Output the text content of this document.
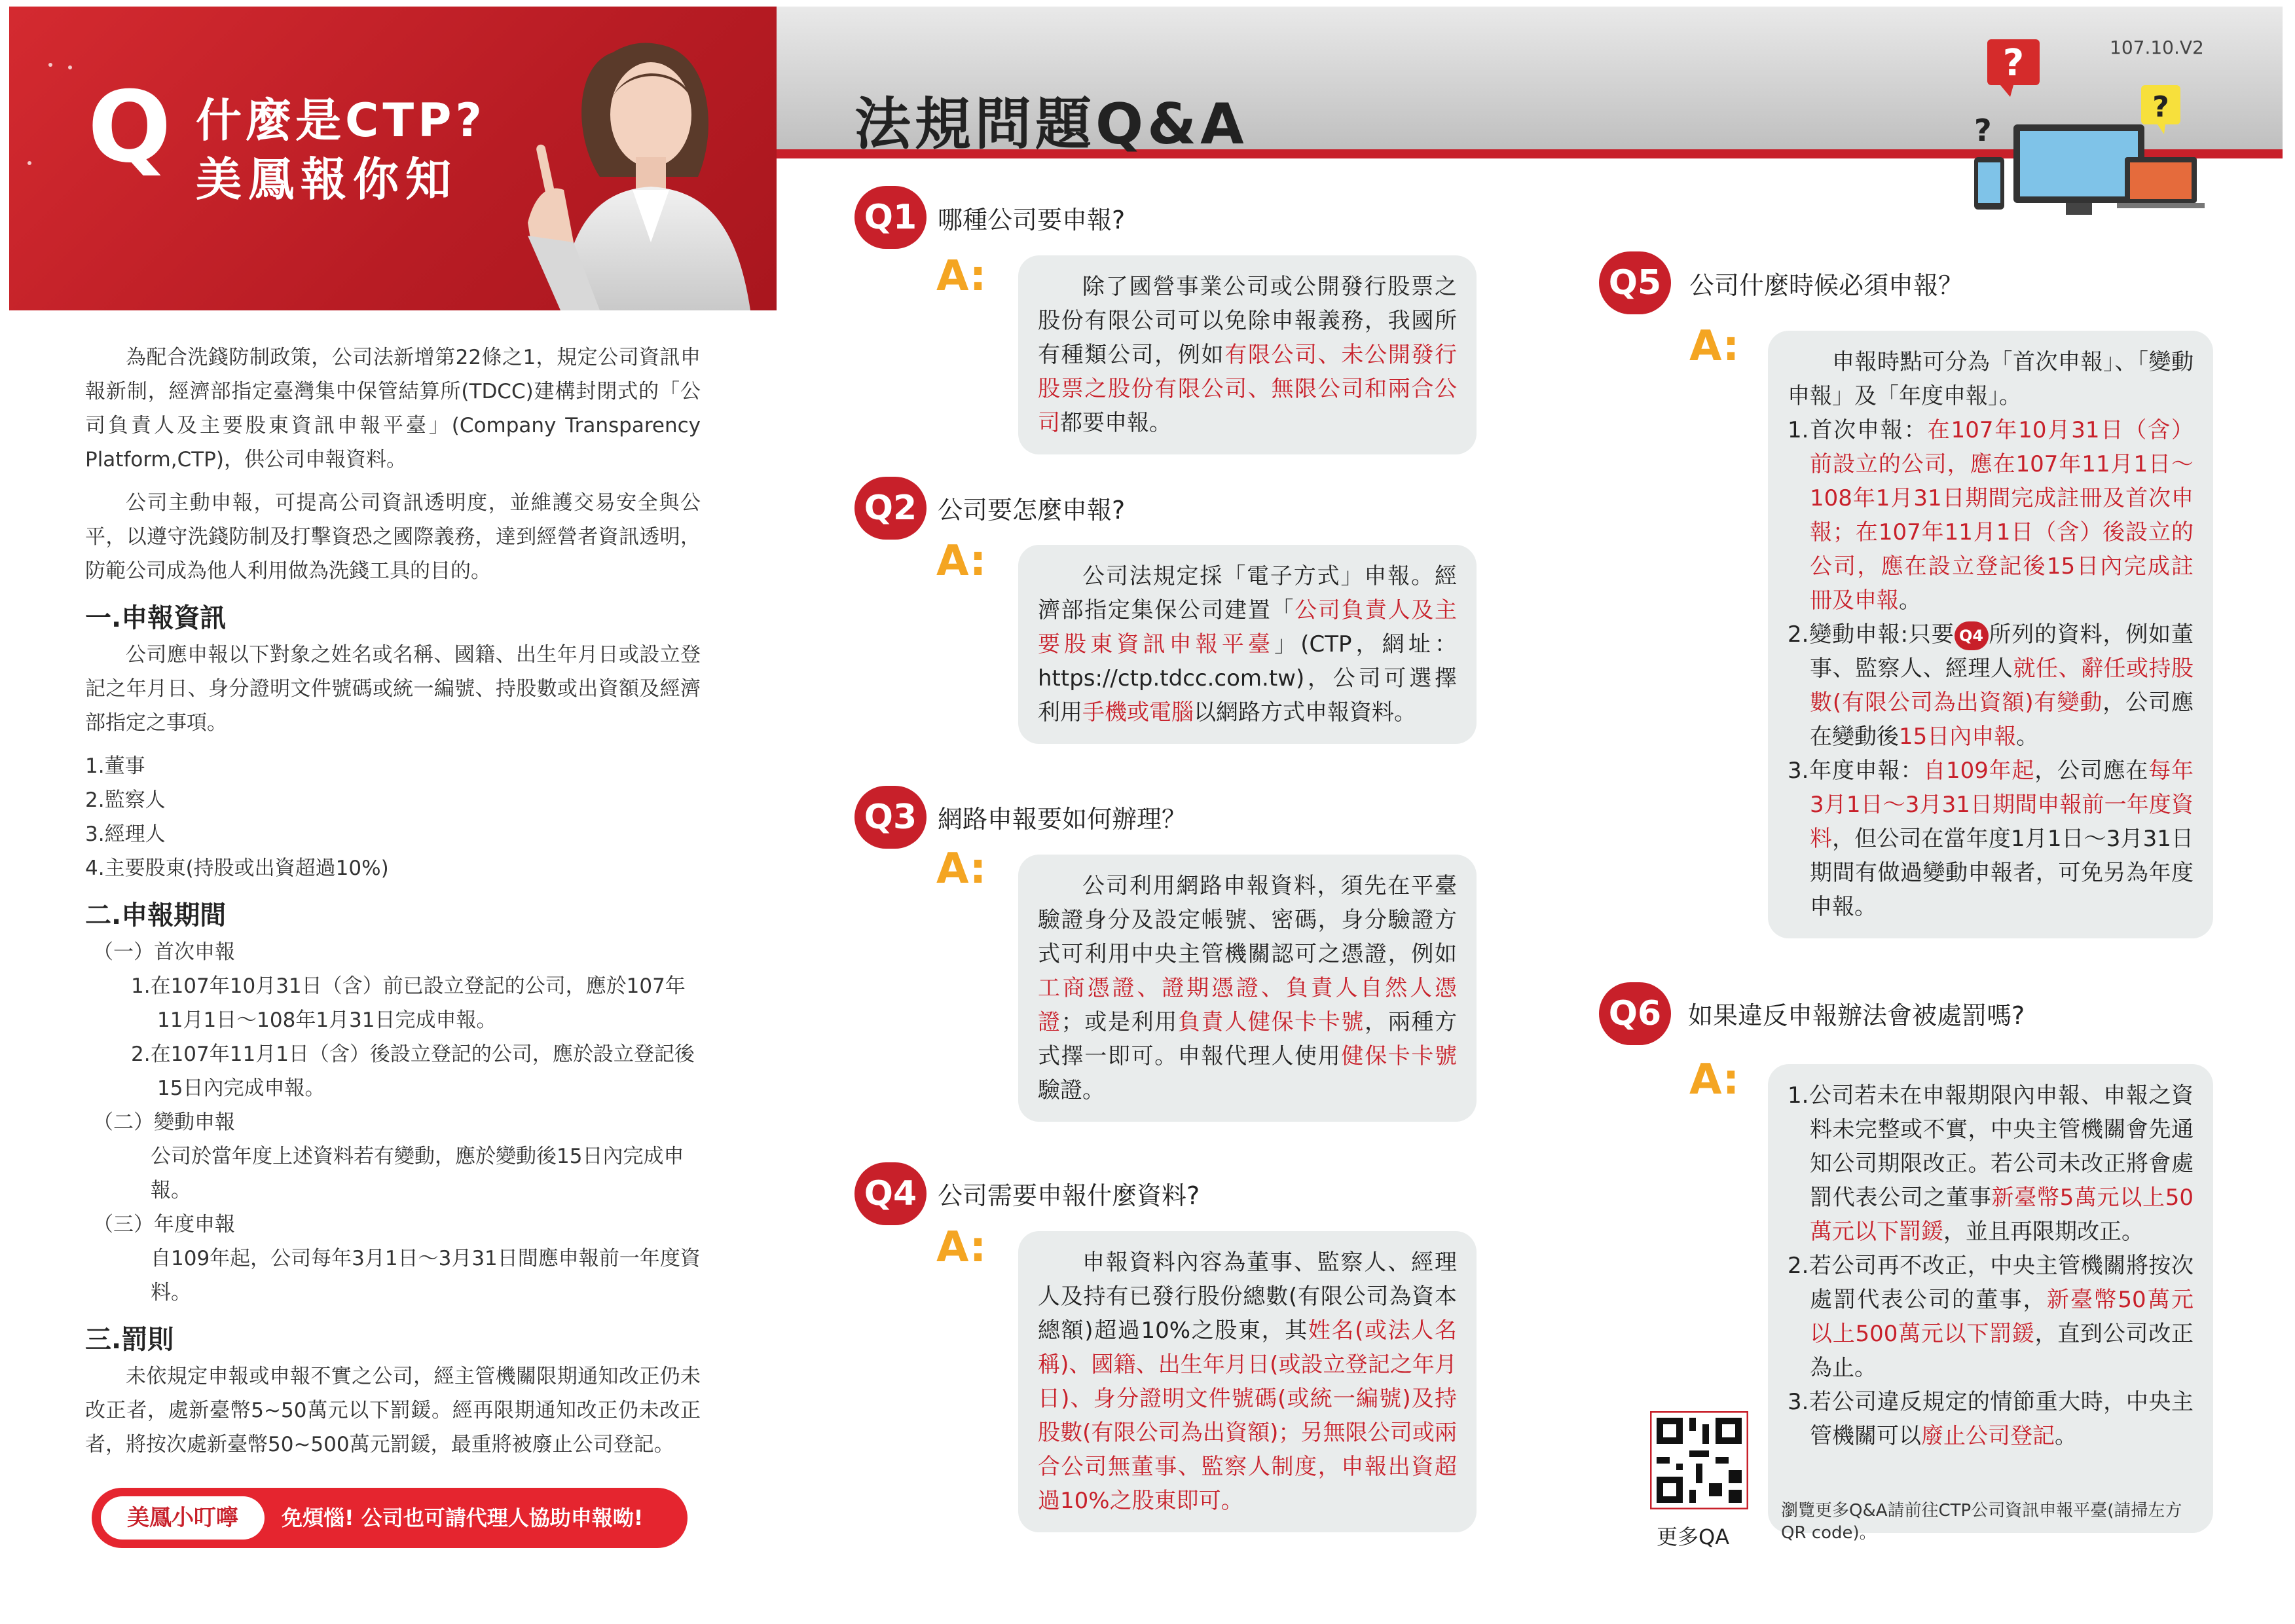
Q 什麼是CTP?
美鳳報你知

為配合洗錢防制政策，公司法新增第22條之1，規定公司資訊申報新制，經濟部指定臺灣集中保管結算所(TDCC)建構封閉式的「公司負責人及主要股東資訊申報平臺」(Company Transparency Platform,CTP)，供公司申報資料。

公司主動申報，可提高公司資訊透明度，並維護交易安全與公平，以遵守洗錢防制及打擊資恐之國際義務，達到經營者資訊透明，防範公司成為他人利用做為洗錢工具的目的。

一.申報資訊

公司應申報以下對象之姓名或名稱、國籍、出生年月日或設立登記之年月日、身分證明文件號碼或統一編號、持股數或出資額及經濟部指定之事項。

1.董事
2.監察人
3.經理人
4.主要股東(持股或出資超過10%)
二.申報期間
（一）首次申報
1.在107年10月31日（含）前已設立登記的公司，應於107年11月1日～108年1月31日完成申報。
2.在107年11月1日（含）後設立登記的公司，應於設立登記後15日內完成申報。
（二）變動申報
公司於當年度上述資料若有變動，應於變動後15日內完成申報。
（三）年度申報
自109年起，公司每年3月1日～3月31日間應申報前一年度資料。
三.罰則

未依規定申報或申報不實之公司，經主管機關限期通知改正仍未改正者，處新臺幣5~50萬元以下罰鍰。經再限期通知改正仍未改正者，將按次處新臺幣50~500萬元罰鍰，最重將被廢止公司登記。

美鳳小叮嚀	免煩惱! 公司也可請代理人協助申報呦!
法規問題Q&A
107.10.V2
?
?
?
Q1 哪種公司要申報?
A:	除了國營事業公司或公開發行股票之股份有限公司可以免除申報義務，我國所有種類公司，例如有限公司、未公開發行股票之股份有限公司、無限公司和兩合公司都要申報。

Q2 公司要怎麼申報?
A:	公司法規定採「電子方式」申報。經濟部指定集保公司建置「公司負責人及主要股東資訊申報平臺」(CTP，網址：https://ctp.tdcc.com.tw)，公司可選擇利用手機或電腦以網路方式申報資料。

Q3 網路申報要如何辦理？
A:	公司利用網路申報資料，須先在平臺驗證身分及設定帳號、密碼，身分驗證方式可利用中央主管機關認可之憑證，例如工商憑證、證期憑證、負責人自然人憑證；或是利用負責人健保卡卡號，兩種方式擇一即可。申報代理人使用健保卡卡號驗證。

Q4 公司需要申報什麼資料?
A:	申報資料內容為董事、監察人、經理人及持有已發行股份總數(有限公司為資本總額)超過10%之股東，其姓名(或法人名稱)、國籍、出生年月日(或設立登記之年月日)、身分證明文件號碼(或統一編號)及持股數(有限公司為出資額)；另無限公司或兩合公司無董事、監察人制度，申報出資超過10%之股東即可。

Q5	公司什麼時候必須申報？
A:	申報時點可分為「首次申報」、「變動申報」及「年度申報」。

1.首次申報：在107年10月31日（含）前設立的公司，應在107年11月1日～108年1月31日期間完成註冊及首次申報；在107年11月1日（含）後設立的公司，應在設立登記後15日內完成註冊及申報。
2.變動申報:只要 Q4 所列的資料，例如董事、監察人、經理人就任、辭任或持股數(有限公司為出資額)有變動，公司應在變動後15日內申報。
3.年度申報：自109年起，公司應在每年3月1日～3月31日期間申報前一年度資料，但公司在當年度1月1日～3月31日期間有做過變動申報者，可免另為年度申報。
Q6	如果違反申報辦法會被處罰嗎?
A: 1.公司若未在申報期限內申報、申報之資料未完整或不實，中央主管機關會先通知公司期限改正。若公司未改正將會處罰代表公司之董事新臺幣5萬元以上50萬元以下罰鍰，並且再限期改正。
2.若公司再不改正，中央主管機關將按次處罰代表公司的董事，新臺幣50萬元以上500萬元以下罰鍰，直到公司改正為止。
3.若公司違反規定的情節重大時，中央主管機關可以廢止公司登記。
更多QA
瀏覽更多Q&A請前往CTP公司資訊申報平臺(請掃左方QR code)。
